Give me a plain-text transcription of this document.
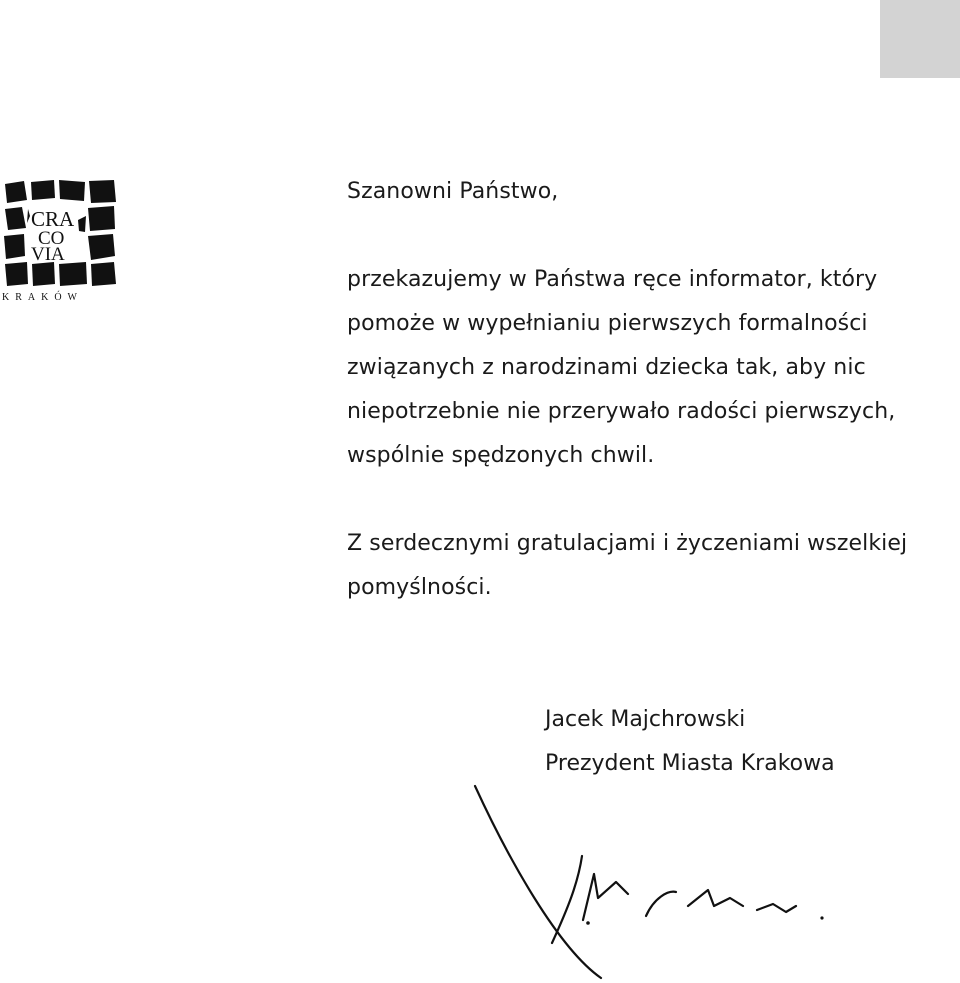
CRA
CO
VIA
KRAKÓW

Szanowni Państwo,

przekazujemy w Państwa ręce informator, który

pomoże w wypełnianiu pierwszych formalności

związanych z narodzinami dziecka tak, aby nic

niepotrzebnie nie przerywało radości pierwszych,

wspólnie spędzonych chwil.

Z serdecznymi gratulacjami i życzeniami wszelkiej

pomyślności.

Jacek Majchrowski

Prezydent Miasta Krakowa
